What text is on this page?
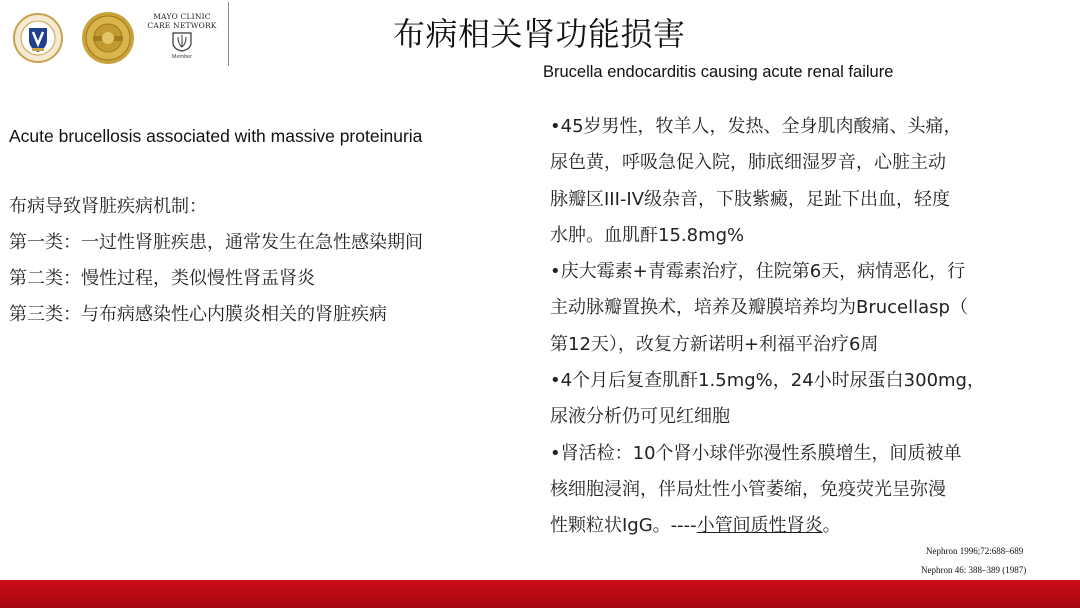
MAYO CLINIC
CARE NETWORK
Member
布病相关肾功能损害
Brucella endocarditis causing acute renal failure
Acute brucellosis associated with massive proteinuria
布病导致肾脏疾病机制：
第一类：一过性肾脏疾患，通常发生在急性感染期间
第二类：慢性过程，类似慢性肾盂肾炎
第三类：与布病感染性心内膜炎相关的肾脏疾病
•45岁男性，牧羊人，发热、全身肌肉酸痛、头痛，
尿色黄，呼吸急促入院，肺底细湿罗音，心脏主动
脉瓣区III-IV级杂音，下肢紫癜，足趾下出血，轻度
水肿。血肌酐15.8mg%
•庆大霉素+青霉素治疗，住院第6天，病情恶化，行
主动脉瓣置换术，培养及瓣膜培养均为Brucellasp（
第12天），改复方新诺明+利福平治疗6周
•4个月后复查肌酐1.5mg%，24小时尿蛋白300mg，
尿液分析仍可见红细胞
•肾活检：10个肾小球伴弥漫性系膜增生，间质被单
核细胞浸润，伴局灶性小管萎缩，免疫荧光呈弥漫
性颗粒状IgG。----小管间质性肾炎。
Nephron 1996;72:688–689
Nephron 46: 388–389 (1987)
